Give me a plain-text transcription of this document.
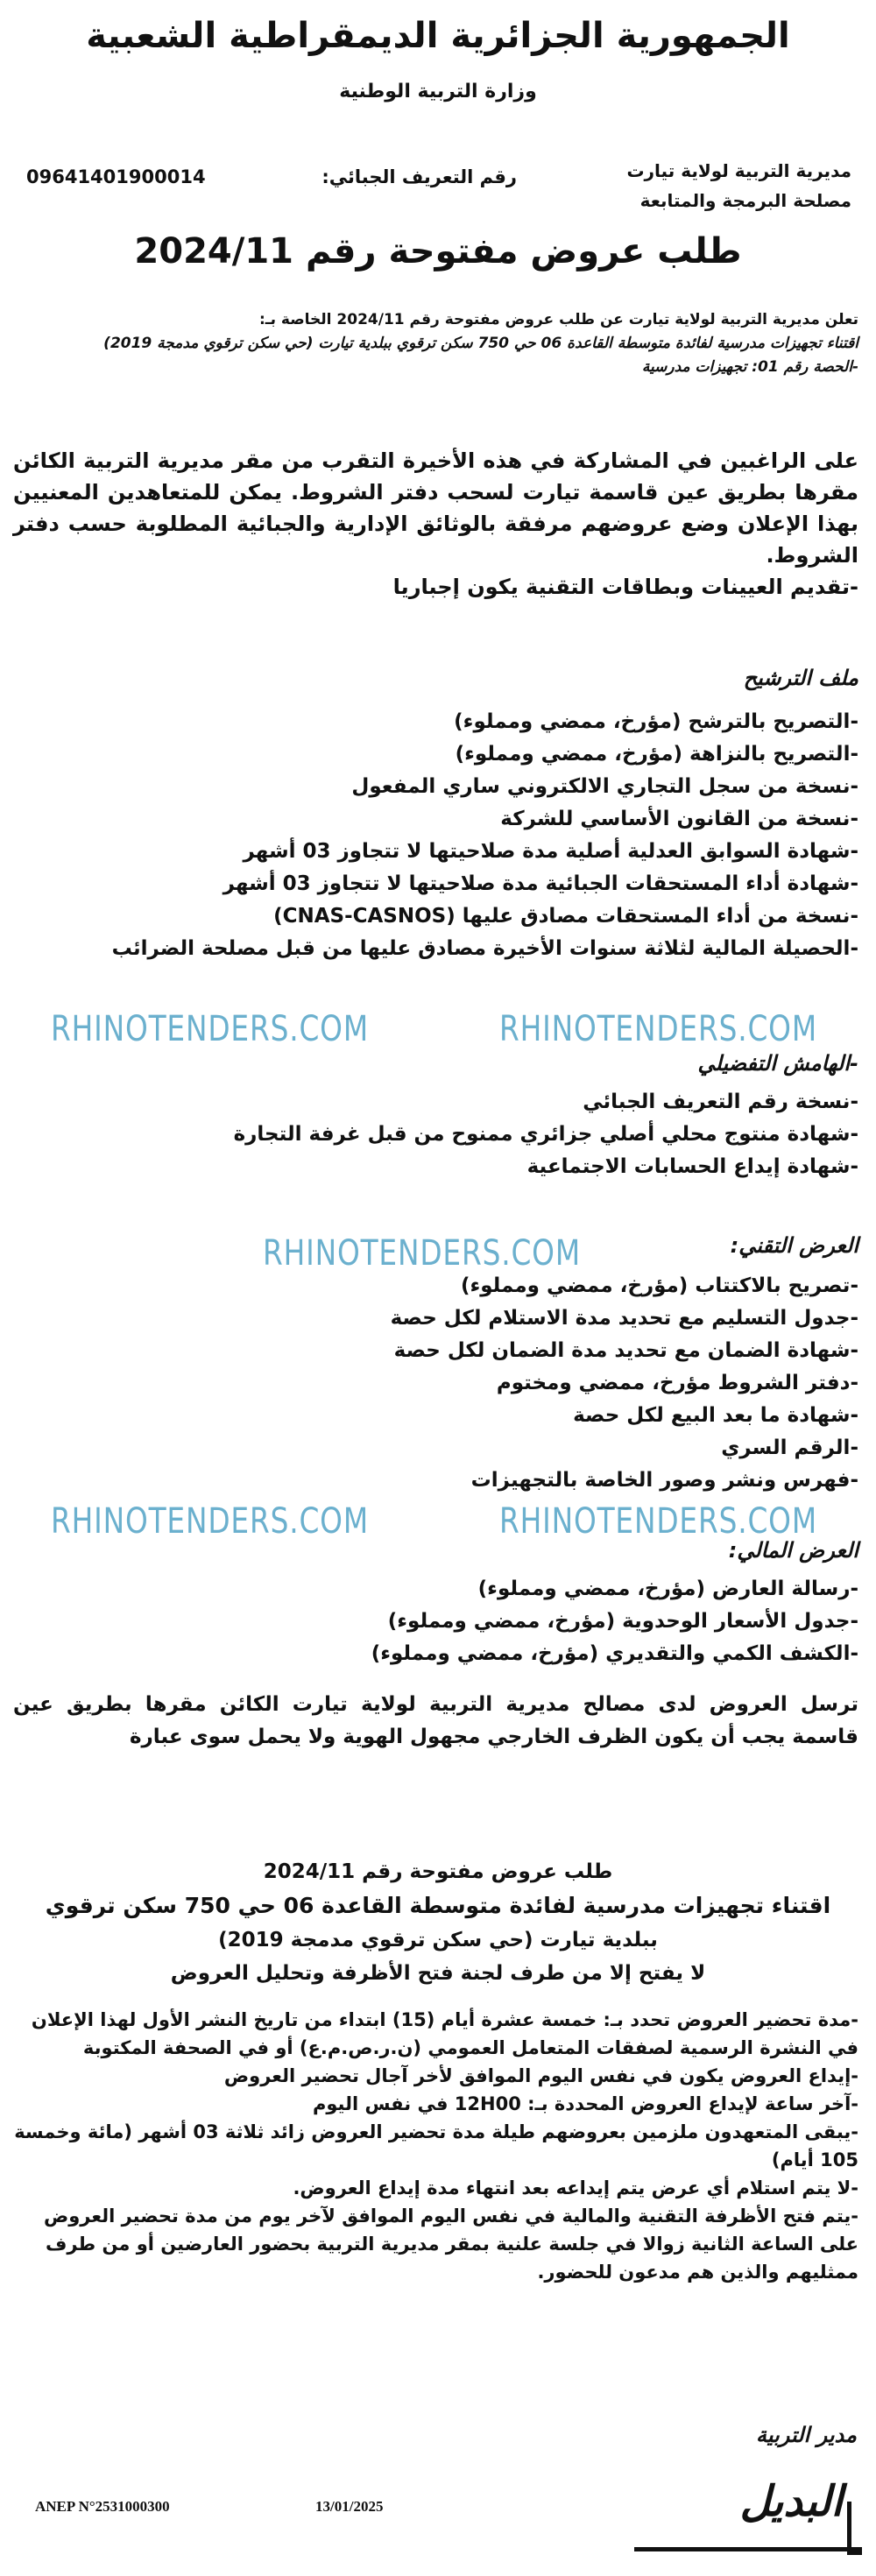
الجمهورية الجزائرية الديمقراطية الشعبية
وزارة التربية الوطنية
مديرية التربية لولاية تيارت
مصلحة البرمجة والمتابعة
09641401900014	رقم التعريف الجبائي:
طلب عروض مفتوحة رقم 2024/11

تعلن مديرية التربية لولاية تيارت عن طلب عروض مفتوحة رقم 2024/11 الخاصة بـ:

اقتناء تجهيزات مدرسية لفائدة متوسطة القاعدة 06 حي 750 سكن ترقوي ببلدية تيارت (حي سكن ترقوي مدمجة 2019)

-الحصة رقم 01: تجهيزات مدرسية

على الراغبين في المشاركة في هذه الأخيرة التقرب من مقر مديرية التربية الكائن مقرها بطريق عين قاسمة تيارت لسحب دفتر الشروط. يمكن للمتعاهدين المعنيين بهذا الإعلان وضع عروضهم مرفقة بالوثائق الإدارية والجبائية المطلوبة حسب دفتر الشروط.

-تقديم العيينات وبطاقات التقنية يكون إجباريا

ملف الترشيح

-التصريح بالترشح (مؤرخ، ممضي ومملوء)

-التصريح بالنزاهة (مؤرخ، ممضي ومملوء)

-نسخة من سجل التجاري الالكتروني ساري المفعول

-نسخة من القانون الأساسي للشركة

-شهادة السوابق العدلية أصلية مدة صلاحيتها لا تتجاوز 03 أشهر

-شهادة أداء المستحقات الجبائية مدة صلاحيتها لا تتجاوز 03 أشهر

-نسخة من أداء المستحقات مصادق عليها (CNAS-CASNOS)

-الحصيلة المالية لثلاثة سنوات الأخيرة مصادق عليها من قبل مصلحة الضرائب

-الهامش التفضيلي

-نسخة رقم التعريف الجبائي

-شهادة منتوج محلي أصلي جزائري ممنوح من قبل غرفة التجارة

-شهادة إيداع الحسابات الاجتماعية

العرض التقني:

-تصريح بالاكتتاب (مؤرخ، ممضي ومملوء)

-جدول التسليم مع تحديد مدة الاستلام لكل حصة

-شهادة الضمان مع تحديد مدة الضمان لكل حصة

-دفتر الشروط مؤرخ، ممضي ومختوم

-شهادة ما بعد البيع لكل حصة

-الرقم السري

-فهرس ونشر وصور الخاصة بالتجهيزات

العرض المالي:

-رسالة العارض (مؤرخ، ممضي ومملوء)

-جدول الأسعار الوحدوية (مؤرخ، ممضي ومملوء)

-الكشف الكمي والتقديري (مؤرخ، ممضي ومملوء)

ترسل العروض لدى مصالح مديرية التربية لولاية تيارت الكائن مقرها بطريق عين قاسمة يجب أن يكون الظرف الخارجي مجهول الهوية ولا يحمل سوى عبارة

طلب عروض مفتوحة رقم 2024/11

اقتناء تجهيزات مدرسية لفائدة متوسطة القاعدة 06 حي 750 سكن ترقوي

ببلدية تيارت (حي سكن ترقوي مدمجة 2019)

لا يفتح إلا من طرف لجنة فتح الأظرفة وتحليل العروض

-مدة تحضير العروض تحدد بـ: خمسة عشرة أيام (15) ابتداء من تاريخ النشر الأول لهذا الإعلان في النشرة الرسمية لصفقات المتعامل العمومي (ن.ر.ص.م.ع) أو في الصحفة المكتوبة

-إيداع العروض يكون في نفس اليوم الموافق لأخر آجال تحضير العروض

-آخر ساعة لإيداع العروض المحددة بـ: 12H00 في نفس اليوم

-يبقى المتعهدون ملزمين بعروضهم طيلة مدة تحضير العروض زائد ثلاثة 03 أشهر (مائة وخمسة 105 أيام)

-لا يتم استلام أي عرض يتم إيداعه بعد انتهاء مدة إيداع العروض.

-يتم فتح الأظرفة التقنية والمالية في نفس اليوم الموافق لآخر يوم من مدة تحضير العروض على الساعة الثانية زوالا في جلسة علنية بمقر مديرية التربية بحضور العارضين أو من طرف ممثليهم والذين هم مدعون للحضور.

مدير التربية
ANEP N°2531000300	13/01/2025	البديل
RHINOTENDERS.COM	RHINOTENDERS.COM
RHINOTENDERS.COM
RHINOTENDERS.COM	RHINOTENDERS.COM
